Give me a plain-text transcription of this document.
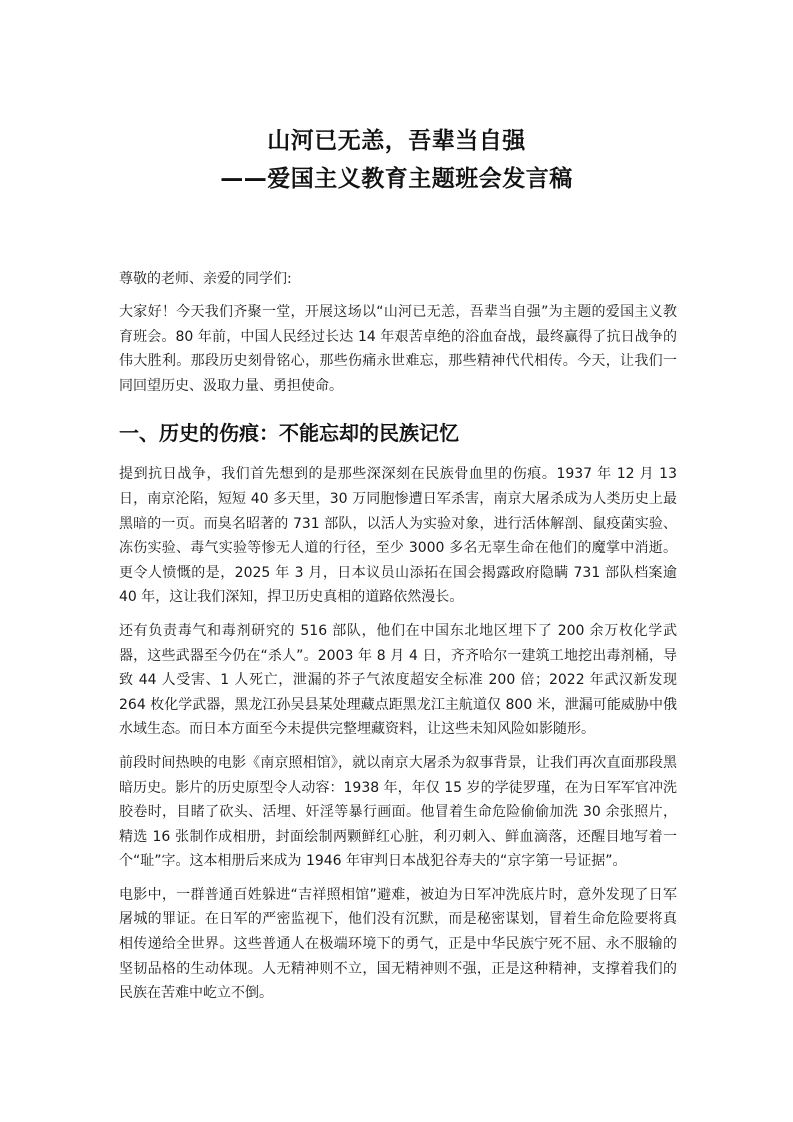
山河已无恙，吾辈当自强
——爱国主义教育主题班会发言稿
尊敬的老师、亲爱的同学们:

大家好！今天我们齐聚一堂，开展这场以“山河已无恙，吾辈当自强”为主题的爱国主义教育班会。80 年前，中国人民经过长达 14 年艰苦卓绝的浴血奋战，最终赢得了抗日战争的伟大胜利。那段历史刻骨铭心，那些伤痛永世难忘，那些精神代代相传。今天，让我们一同回望历史、汲取力量、勇担使命。

一、历史的伤痕：不能忘却的民族记忆

提到抗日战争，我们首先想到的是那些深深刻在民族骨血里的伤痕。1937 年 12 月 13 日，南京沦陷，短短 40 多天里，30 万同胞惨遭日军杀害，南京大屠杀成为人类历史上最黑暗的一页。而臭名昭著的 731 部队，以活人为实验对象，进行活体解剖、鼠疫菌实验、冻伤实验、毒气实验等惨无人道的行径，至少 3000 多名无辜生命在他们的魔掌中消逝。更令人愤慨的是，2025 年 3 月，日本议员山添拓在国会揭露政府隐瞒 731 部队档案逾 40 年，这让我们深知，捍卫历史真相的道路依然漫长。

还有负责毒气和毒剂研究的 516 部队，他们在中国东北地区埋下了 200 余万枚化学武器，这些武器至今仍在“杀人”。2003 年 8 月 4 日，齐齐哈尔一建筑工地挖出毒剂桶，导致 44 人受害、1 人死亡，泄漏的芥子气浓度超安全标准 200 倍；2022 年武汉新发现 264 枚化学武器，黑龙江孙吴县某处理藏点距黑龙江主航道仅 800 米，泄漏可能威胁中俄水域生态。而日本方面至今未提供完整埋藏资料，让这些未知风险如影随形。

前段时间热映的电影《南京照相馆》，就以南京大屠杀为叙事背景，让我们再次直面那段黑暗历史。影片的历史原型令人动容：1938 年，年仅 15 岁的学徒罗瑾，在为日军军官冲洗胶卷时，目睹了砍头、活埋、奸淫等暴行画面。他冒着生命危险偷偷加洗 30 余张照片，精选 16 张制作成相册，封面绘制两颗鲜红心脏，利刃刺入、鲜血滴落，还醒目地写着一个“耻”字。这本相册后来成为 1946 年审判日本战犯谷寿夫的“京字第一号证据”。

电影中，一群普通百姓躲进“吉祥照相馆”避难，被迫为日军冲洗底片时，意外发现了日军屠城的罪证。在日军的严密监视下，他们没有沉默，而是秘密谋划，冒着生命危险要将真相传递给全世界。这些普通人在极端环境下的勇气，正是中华民族宁死不屈、永不服输的坚韧品格的生动体现。人无精神则不立，国无精神则不强，正是这种精神，支撑着我们的民族在苦难中屹立不倒。
